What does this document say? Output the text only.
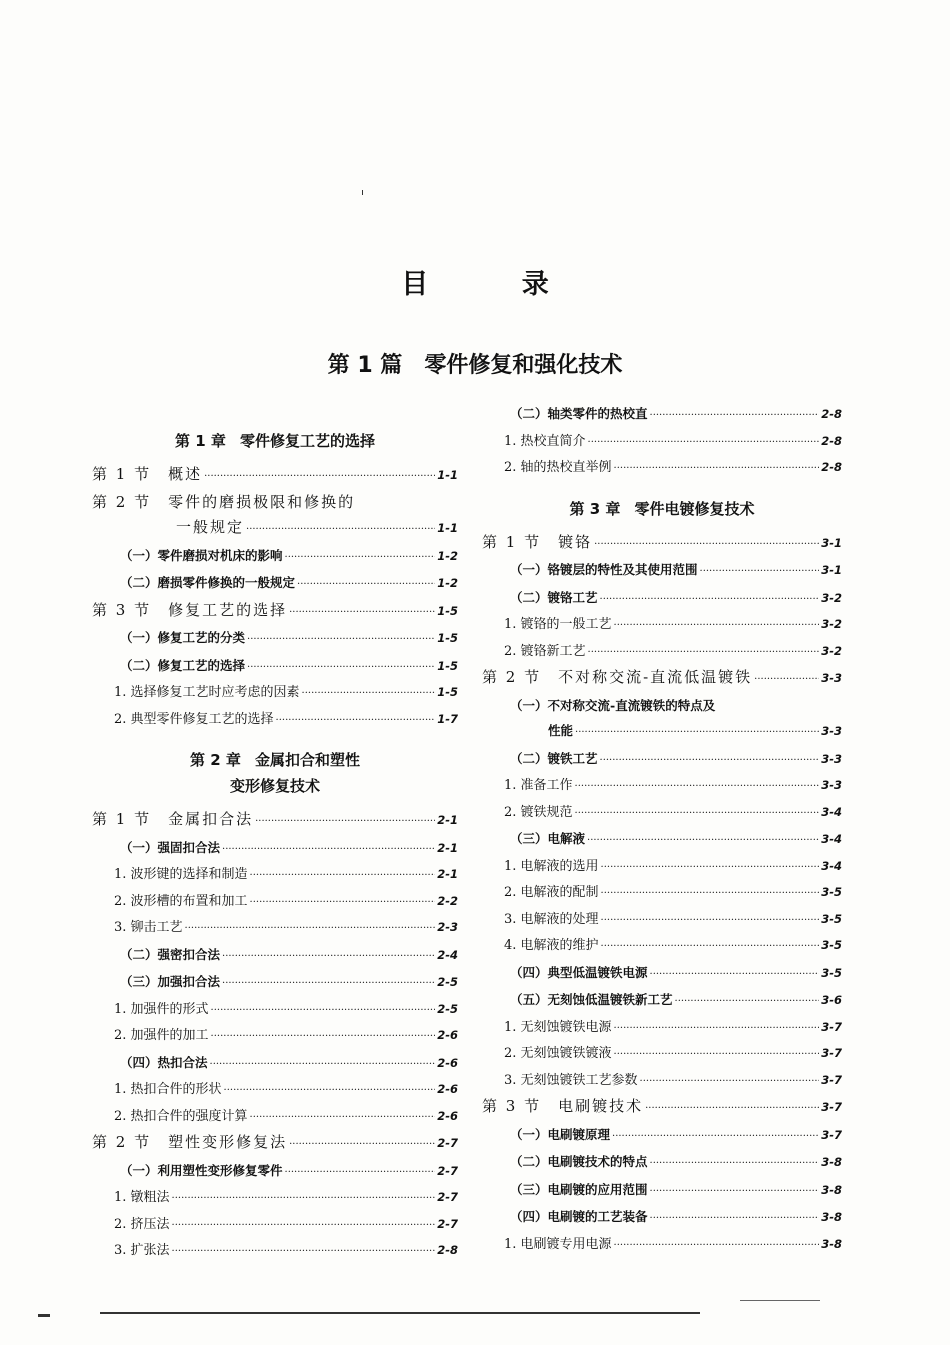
目 录
第 1 篇 零件修复和强化技术
第 1 章 零件修复工艺的选择
第 1 节　概述 ·····	1-1
第 2 节　零件的磨损极限和修换的
一般规定 ·····	1-1
（一）零件磨损对机床的影响 ·····	1-2
（二）磨损零件修换的一般规定 ·····	1-2
第 3 节　修复工艺的选择 ·····	1-5
（一）修复工艺的分类 ·····	1-5
（二）修复工艺的选择 ·····	1-5
1. 选择修复工艺时应考虑的因素 ·····	1-5
2. 典型零件修复工艺的选择 ·····	1-7
第 2 章 金属扣合和塑性
变形修复技术
第 1 节　金属扣合法 ·····	2-1
（一）强固扣合法 ·····	2-1
1. 波形键的选择和制造 ·····	2-1
2. 波形槽的布置和加工 ·····	2-2
3. 铆击工艺 ·····	2-3
（二）强密扣合法 ·····	2-4
（三）加强扣合法 ·····	2-5
1. 加强件的形式 ·····	2-5
2. 加强件的加工 ·····	2-6
（四）热扣合法 ·····	2-6
1. 热扣合件的形状 ·····	2-6
2. 热扣合件的强度计算 ·····	2-6
第 2 节　塑性变形修复法 ·····	2-7
（一）利用塑性变形修复零件 ·····	2-7
1. 镦粗法 ·····	2-7
2. 挤压法 ·····	2-7
3. 扩张法 ·····	2-8
（二）轴类零件的热校直 ·····	2-8
1. 热校直简介 ·····	2-8
2. 轴的热校直举例 ·····	2-8
第 3 章 零件电镀修复技术
第 1 节　镀铬 ·····	3-1
（一）铬镀层的特性及其使用范围 ·····	3-1
（二）镀铬工艺 ·····	3-2
1. 镀铬的一般工艺 ·····	3-2
2. 镀铬新工艺 ·····	3-2
第 2 节　不对称交流-直流低温镀铁 ·····	3-3
（一）不对称交流-直流镀铁的特点及
性能 ·····	3-3
（二）镀铁工艺 ·····	3-3
1. 准备工作 ·····	3-3
2. 镀铁规范 ·····	3-4
（三）电解液 ·····	3-4
1. 电解液的选用 ·····	3-4
2. 电解液的配制 ·····	3-5
3. 电解液的处理 ·····	3-5
4. 电解液的维护 ·····	3-5
（四）典型低温镀铁电源 ·····	3-5
（五）无刻蚀低温镀铁新工艺 ·····	3-6
1. 无刻蚀镀铁电源 ·····	3-7
2. 无刻蚀镀铁镀液 ·····	3-7
3. 无刻蚀镀铁工艺参数 ·····	3-7
第 3 节　电刷镀技术 ·····	3-7
（一）电刷镀原理 ·····	3-7
（二）电刷镀技术的特点 ·····	3-8
（三）电刷镀的应用范围 ·····	3-8
（四）电刷镀的工艺装备 ·····	3-8
1. 电刷镀专用电源 ·····	3-8
